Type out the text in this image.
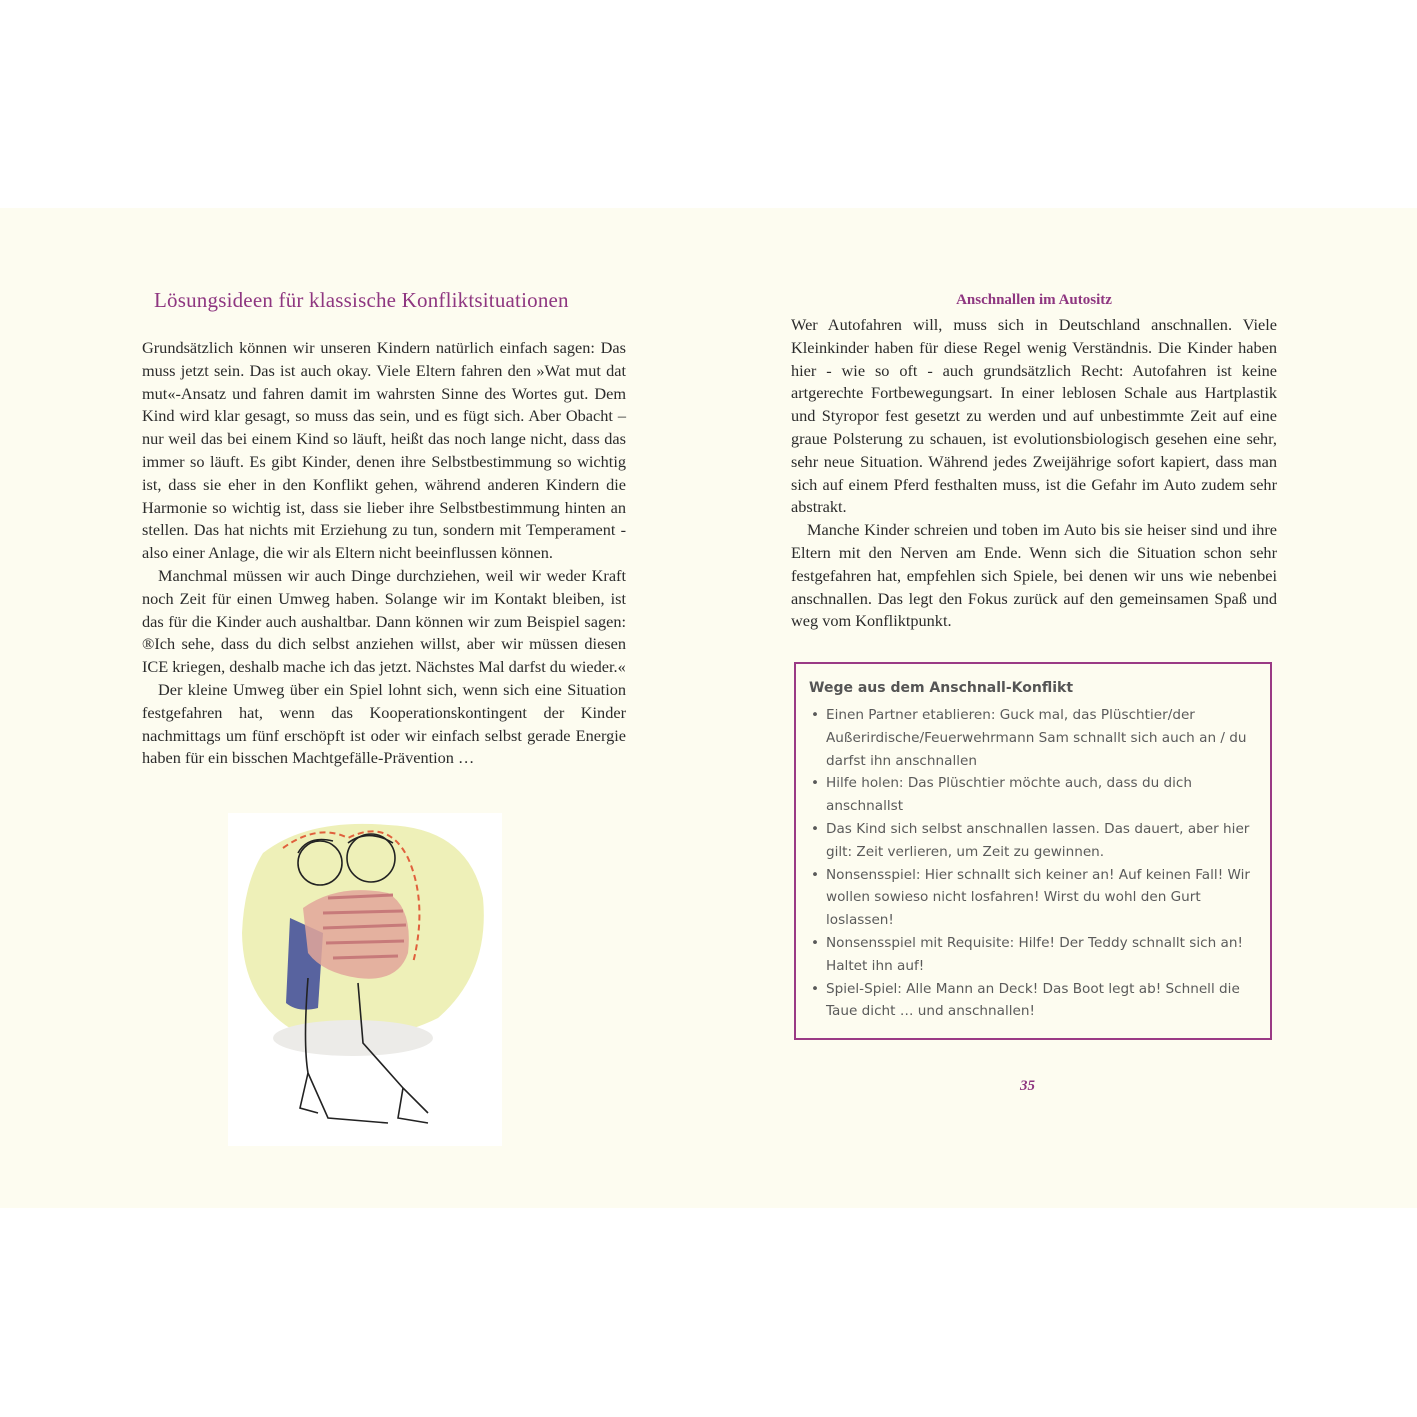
Lösungsideen für klassische Konfliktsituationen

Grundsätzlich können wir unseren Kindern natürlich einfach sagen: Das muss jetzt sein. Das ist auch okay. Viele Eltern fahren den »Wat mut dat mut«-Ansatz und fahren damit im wahrsten Sinne des Wortes gut. Dem Kind wird klar gesagt, so muss das sein, und es fügt sich. Aber Obacht – nur weil das bei einem Kind so läuft, heißt das noch lange nicht, dass das immer so läuft. Es gibt Kinder, denen ihre Selbstbestimmung so wichtig ist, dass sie eher in den Konflikt gehen, während anderen Kindern die Harmonie so wichtig ist, dass sie lieber ihre Selbstbestimmung hinten an stellen. Das hat nichts mit Erziehung zu tun, sondern mit Temperament - also einer Anlage, die wir als Eltern nicht beeinflussen können.

Manchmal müssen wir auch Dinge durchziehen, weil wir weder Kraft noch Zeit für einen Umweg haben. Solange wir im Kontakt bleiben, ist das für die Kinder auch aushaltbar. Dann können wir zum Beispiel sagen: ®Ich sehe, dass du dich selbst anziehen willst, aber wir müssen diesen ICE kriegen, deshalb mache ich das jetzt. Nächstes Mal darfst du wieder.«

Der kleine Umweg über ein Spiel lohnt sich, wenn sich eine Situation festgefahren hat, wenn das Kooperationskontingent der Kinder nachmittags um fünf erschöpft ist oder wir einfach selbst gerade Energie haben für ein bisschen Machtgefälle-Prävention …

Anschnallen im Autositz

Wer Autofahren will, muss sich in Deutschland anschnallen. Viele Kleinkinder haben für diese Regel wenig Verständnis. Die Kinder haben hier - wie so oft - auch grundsätzlich Recht: Autofahren ist keine artgerechte Fortbewegungsart. In einer leblosen Schale aus Hartplastik und Styropor fest gesetzt zu werden und auf unbestimmte Zeit auf eine graue Polsterung zu schauen, ist evolutionsbiologisch gesehen eine sehr, sehr neue Situation. Während jedes Zweijährige sofort kapiert, dass man sich auf einem Pferd festhalten muss, ist die Gefahr im Auto zudem sehr abstrakt.

Manche Kinder schreien und toben im Auto bis sie heiser sind und ihre Eltern mit den Nerven am Ende. Wenn sich die Situation schon sehr festgefahren hat, empfehlen sich Spiele, bei denen wir uns wie nebenbei anschnallen. Das legt den Fokus zurück auf den gemeinsamen Spaß und weg vom Konfliktpunkt.

Wege aus dem Anschnall-Konflikt

• Einen Partner etablieren: Guck mal, das Plüschtier/der Außerirdische/Feuerwehrmann Sam schnallt sich auch an / du darfst ihn anschnallen
• Hilfe holen: Das Plüschtier möchte auch, dass du dich anschnallst
• Das Kind sich selbst anschnallen lassen. Das dauert, aber hier gilt: Zeit verlieren, um Zeit zu gewinnen.
• Nonsensspiel: Hier schnallt sich keiner an! Auf keinen Fall! Wir wollen sowieso nicht losfahren! Wirst du wohl den Gurt loslassen!
• Nonsensspiel mit Requisite: Hilfe! Der Teddy schnallt sich an! Haltet ihn auf!
• Spiel-Spiel: Alle Mann an Deck! Das Boot legt ab! Schnell die Taue dicht … und anschnallen!
35
